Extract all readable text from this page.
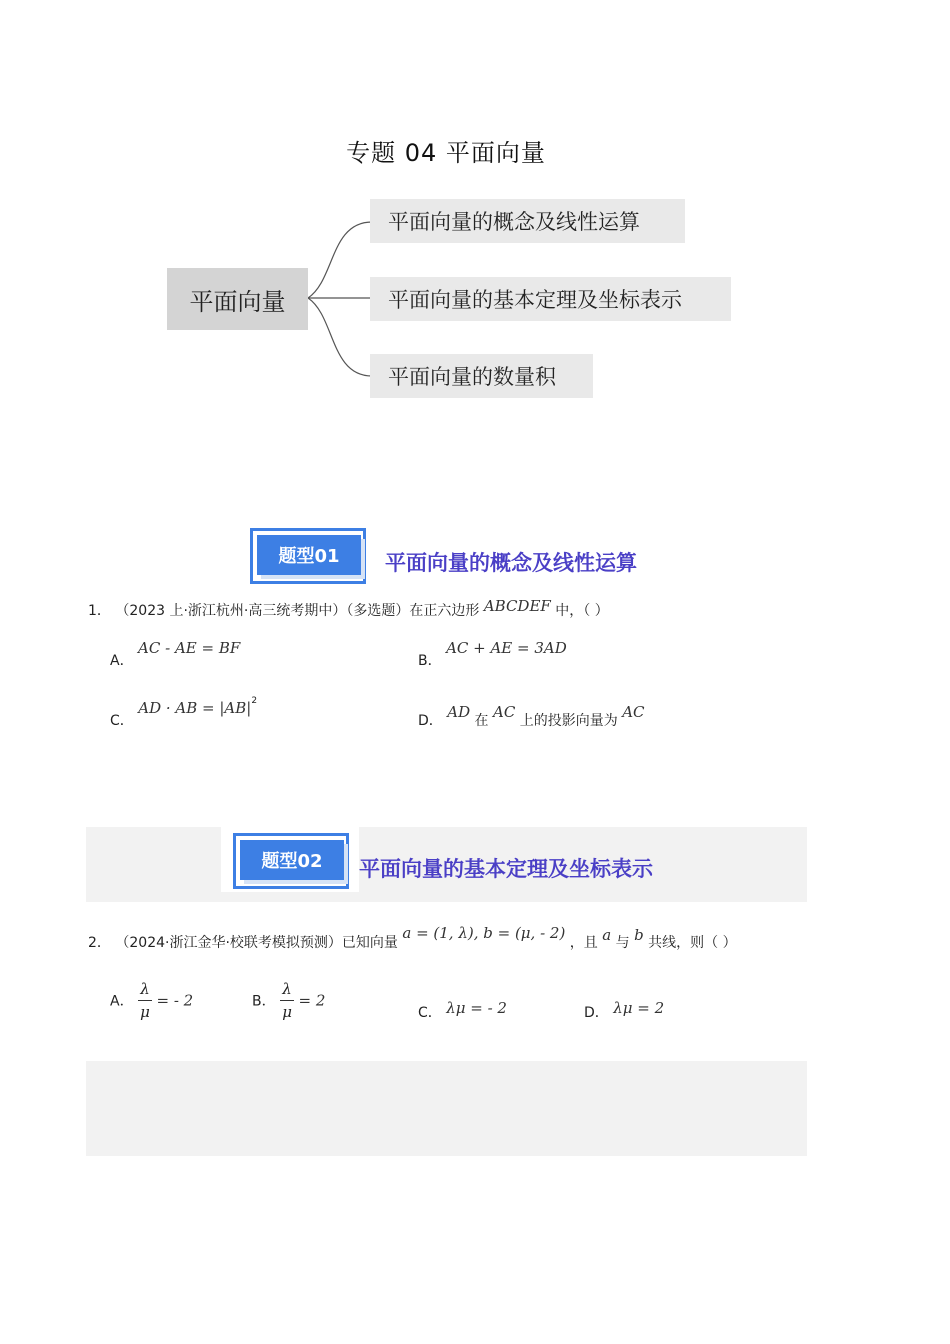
专题 04 平面向量
平面向量
平面向量的概念及线性运算
平面向量的基本定理及坐标表示
平面向量的数量积
题型01	平面向量的概念及线性运算
1． （2023 上·浙江杭州·高三统考期中）（多选题）在正六边形 ABCDEF 中，（ ）
A． AC - AE = BF
B． AC + AE = 3AD
C． AD · AB = $|AB|^2$
D． AD 在 AC 上的投影向量为 AC
题型02	平面向量的基本定理及坐标表示
2． （2024·浙江金华·校联考模拟预测）已知向量 a = (1, λ), b = (μ, - 2) ，且 a 与 b 共线，则（ ）
A． $\frac{\lambda}{\mu}$ = - 2	B． $\frac{\lambda}{\mu} = 2$
C． λμ = - 2	D． λμ = 2
